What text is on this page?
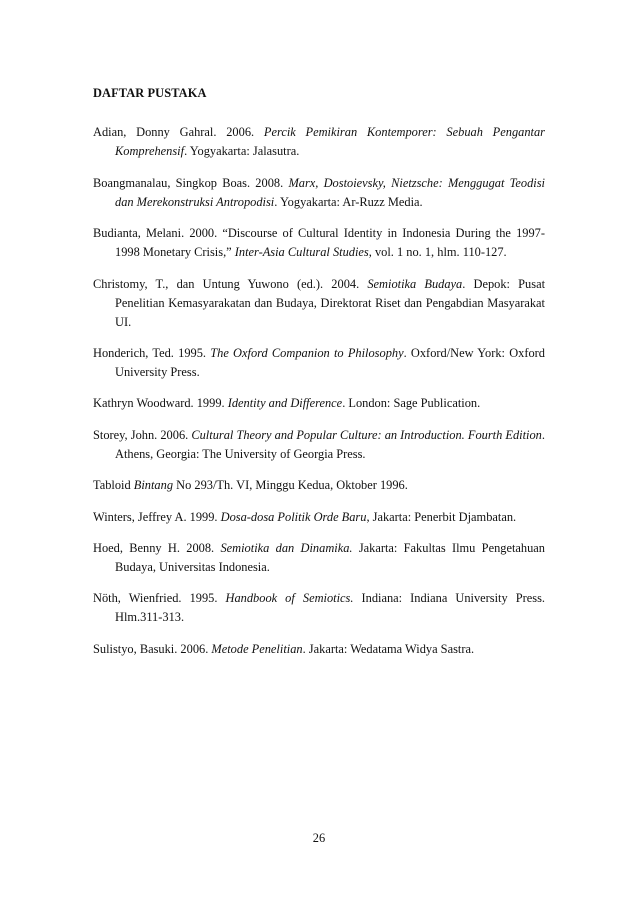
DAFTAR PUSTAKA

Adian, Donny Gahral. 2006. Percik Pemikiran Kontemporer: Sebuah Pengantar Komprehensif. Yogyakarta: Jalasutra.

Boangmanalau, Singkop Boas. 2008. Marx, Dostoievsky, Nietzsche: Menggugat Teodisi dan Merekonstruksi Antropodisi. Yogyakarta: Ar-Ruzz Media.

Budianta, Melani. 2000. “Discourse of Cultural Identity in Indonesia During the 1997-1998 Monetary Crisis,” Inter-Asia Cultural Studies, vol. 1 no. 1, hlm. 110-127.

Christomy, T., dan Untung Yuwono (ed.). 2004. Semiotika Budaya. Depok: Pusat Penelitian Kemasyarakatan dan Budaya, Direktorat Riset dan Pengabdian Masyarakat UI.

Honderich, Ted. 1995. The Oxford Companion to Philosophy. Oxford/New York: Oxford University Press.

Kathryn Woodward. 1999. Identity and Difference. London: Sage Publication.

Storey, John. 2006. Cultural Theory and Popular Culture: an Introduction. Fourth Edition. Athens, Georgia: The University of Georgia Press.

Tabloid Bintang No 293/Th. VI, Minggu Kedua, Oktober 1996.

Winters, Jeffrey A. 1999. Dosa-dosa Politik Orde Baru, Jakarta: Penerbit Djambatan.

Hoed, Benny H. 2008. Semiotika dan Dinamika. Jakarta: Fakultas Ilmu Pengetahuan Budaya, Universitas Indonesia.

Nöth, Wienfried. 1995. Handbook of Semiotics. Indiana: Indiana University Press. Hlm.311-313.

Sulistyo, Basuki. 2006. Metode Penelitian. Jakarta: Wedatama Widya Sastra.

26
